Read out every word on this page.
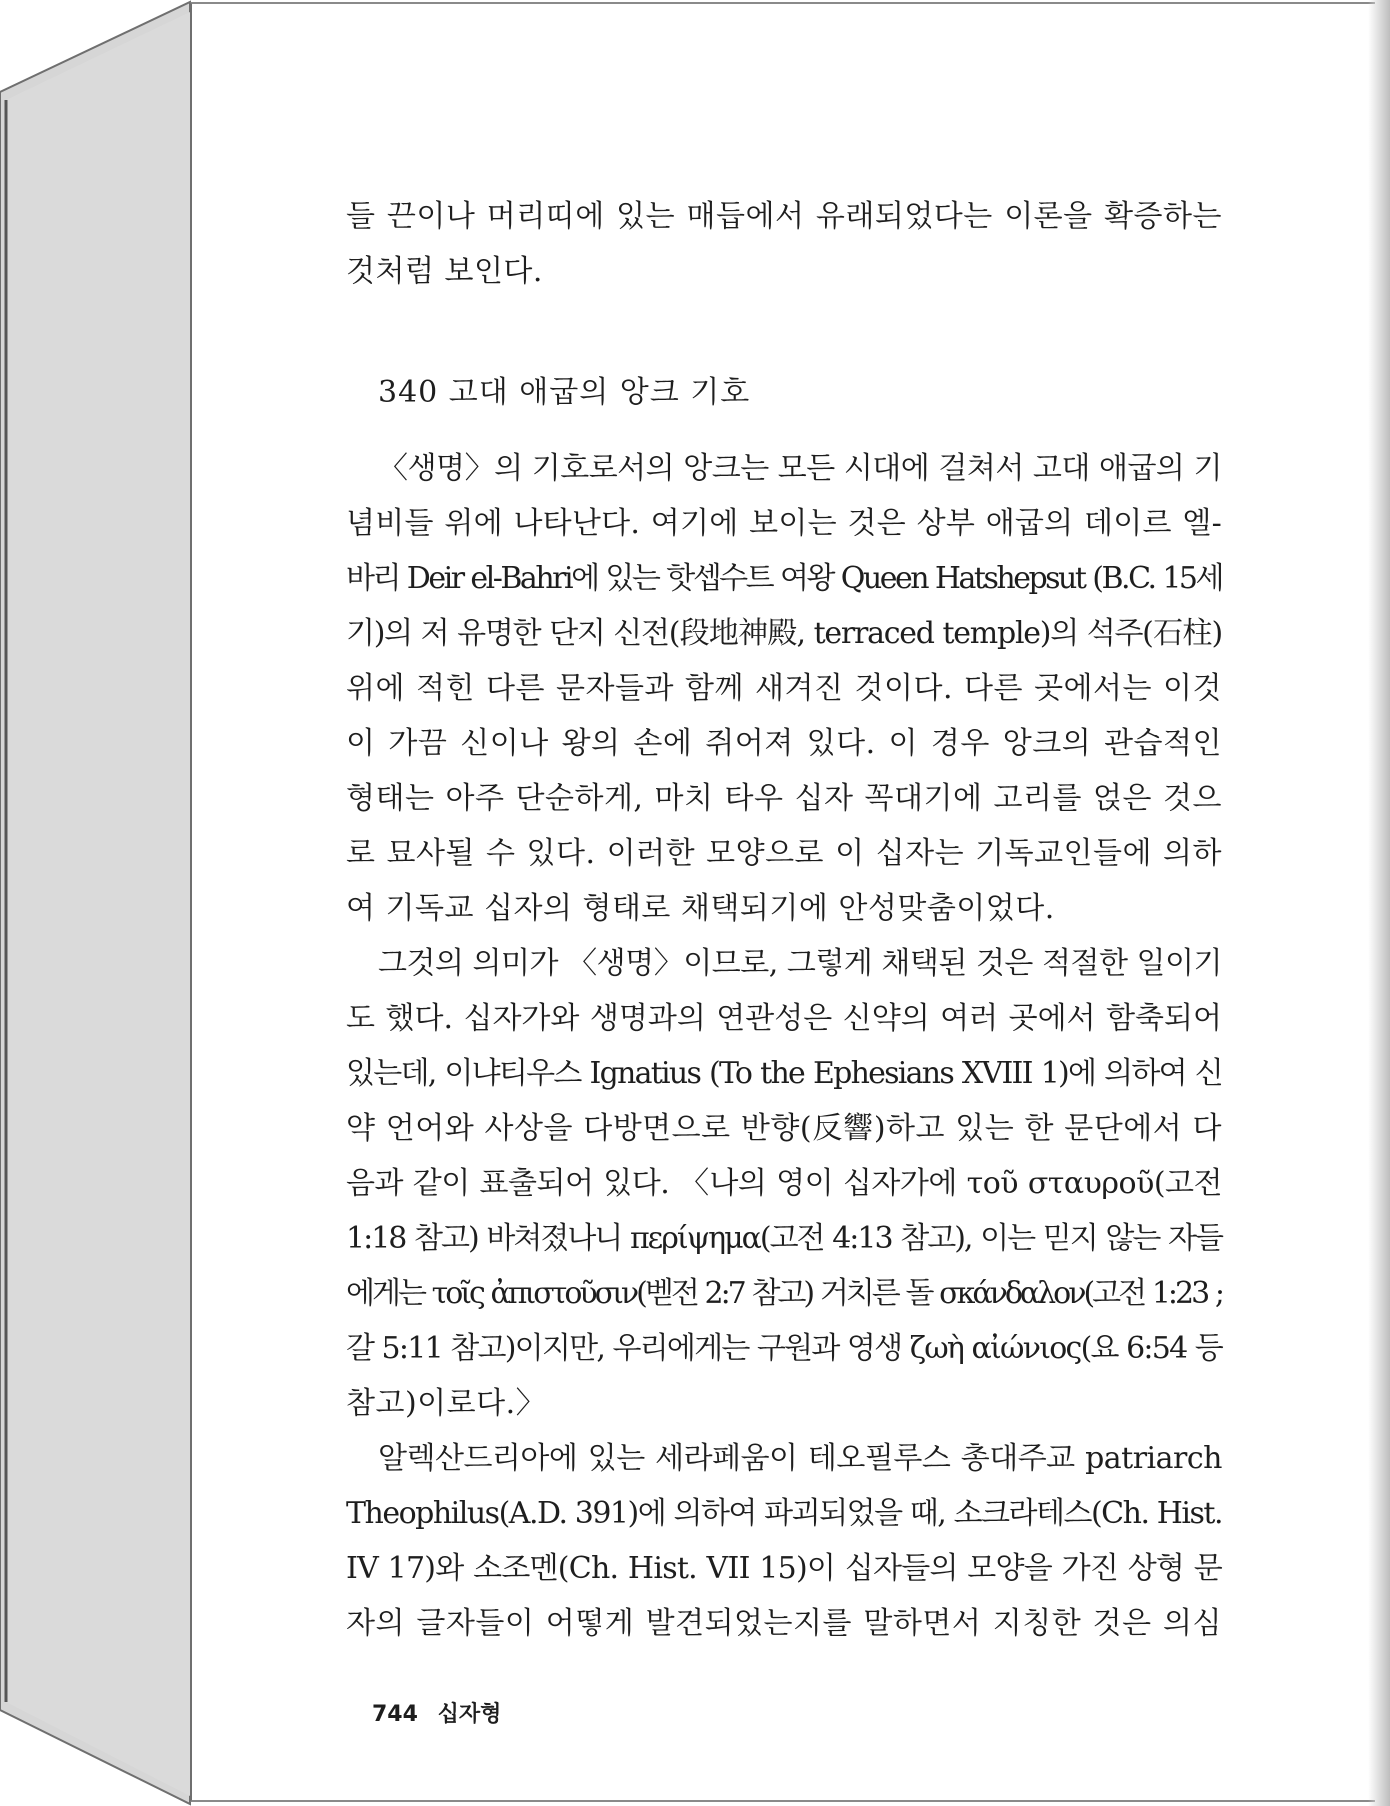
들 끈이나 머리띠에 있는 매듭에서 유래되었다는 이론을 확증하는
것처럼 보인다.
340 고대 애굽의 앙크 기호
〈생명〉의 기호로서의 앙크는 모든 시대에 걸쳐서 고대 애굽의 기
념비들 위에 나타난다. 여기에 보이는 것은 상부 애굽의 데이르 엘-
바리 Deir el-Bahri에 있는 핫셉수트 여왕 Queen Hatshepsut (B.C. 15세
기)의 저 유명한 단지 신전(段地神殿, terraced temple)의 석주(石柱)
위에 적힌 다른 문자들과 함께 새겨진 것이다. 다른 곳에서는 이것
이 가끔 신이나 왕의 손에 쥐어져 있다. 이 경우 앙크의 관습적인
형태는 아주 단순하게, 마치 타우 십자 꼭대기에 고리를 얹은 것으
로 묘사될 수 있다. 이러한 모양으로 이 십자는 기독교인들에 의하
여 기독교 십자의 형태로 채택되기에 안성맞춤이었다.
그것의 의미가 〈생명〉이므로, 그렇게 채택된 것은 적절한 일이기
도 했다. 십자가와 생명과의 연관성은 신약의 여러 곳에서 함축되어
있는데, 이냐티우스 Ignatius (To the Ephesians XVIII 1)에 의하여 신
약 언어와 사상을 다방면으로 반향(反響)하고 있는 한 문단에서 다
음과 같이 표출되어 있다. 〈나의 영이 십자가에 τοῦ σταυροῦ(고전
1:18 참고) 바쳐졌나니 περίψημα(고전 4:13 참고), 이는 믿지 않는 자들
에게는 τοῖς ἀπιστοῦσιν(벧전 2:7 참고) 거치른 돌 σκάνδαλον(고전 1:23 ;
갈 5:11 참고)이지만, 우리에게는 구원과 영생 ζωὴ αἰώνιος(요 6:54 등
참고)이로다.〉
알렉산드리아에 있는 세라페움이 테오필루스 총대주교 patriarch
Theophilus(A.D. 391)에 의하여 파괴되었을 때, 소크라테스(Ch. Hist.
IV 17)와 소조멘(Ch. Hist. VII 15)이 십자들의 모양을 가진 상형 문
자의 글자들이 어떻게 발견되었는지를 말하면서 지칭한 것은 의심
744 십자형
